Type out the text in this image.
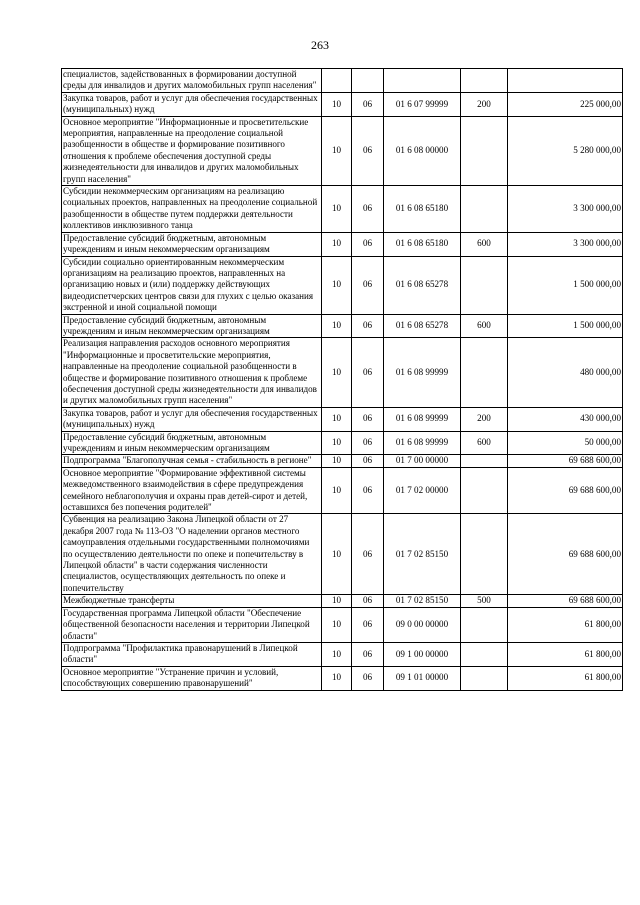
263
специалистов, задействованных в формировании доступной среды для инвалидов и других маломобильных групп населения"					
Закупка товаров, работ и услуг для обеспечения государственных (муниципальных) нужд	10	06	01 6 07 99999	200	225 000,00
Основное мероприятие "Информационные и просветительские мероприятия, направленные на преодоление социальной разобщенности в обществе и формирование позитивного отношения к проблеме обеспечения доступной среды жизнедеятельности для инвалидов и других маломобильных групп населения"	10	06	01 6 08 00000		5 280 000,00
Субсидии некоммерческим организациям на реализацию социальных проектов, направленных на преодоление социальной разобщенности в обществе путем поддержки деятельности коллективов инклюзивного танца	10	06	01 6 08 65180		3 300 000,00
Предоставление субсидий бюджетным, автономным учреждениям и иным некоммерческим организациям	10	06	01 6 08 65180	600	3 300 000,00
Субсидии социально ориентированным некоммерческим организациям на реализацию проектов, направленных на организацию новых и (или) поддержку действующих видеодиспетчерских центров связи для глухих с целью оказания экстренной и иной социальной помощи	10	06	01 6 08 65278		1 500 000,00
Предоставление субсидий бюджетным, автономным учреждениям и иным некоммерческим организациям	10	06	01 6 08 65278	600	1 500 000,00
Реализация направления расходов основного мероприятия "Информационные и просветительские мероприятия, направленные на преодоление социальной разобщенности в обществе и формирование позитивного отношения к проблеме обеспечения доступной среды жизнедеятельности для инвалидов и других маломобильных групп населения"	10	06	01 6 08 99999		480 000,00
Закупка товаров, работ и услуг для обеспечения государственных (муниципальных) нужд	10	06	01 6 08 99999	200	430 000,00
Предоставление субсидий бюджетным, автономным учреждениям и иным некоммерческим организациям	10	06	01 6 08 99999	600	50 000,00
Подпрограмма "Благополучная семья - стабильность в регионе"	10	06	01 7 00 00000		69 688 600,00
Основное мероприятие "Формирование эффективной системы межведомственного взаимодействия в сфере предупреждения семейного неблагополучия и охраны прав детей-сирот и детей, оставшихся без попечения родителей"	10	06	01 7 02 00000		69 688 600,00
Субвенция на реализацию Закона Липецкой области от 27 декабря 2007 года № 113-ОЗ "О наделении органов местного самоуправления отдельными государственными полномочиями по осуществлению деятельности по опеке и попечительству в Липецкой области" в части содержания численности специалистов, осуществляющих деятельность по опеке и попечительству	10	06	01 7 02 85150		69 688 600,00
Межбюджетные трансферты	10	06	01 7 02 85150	500	69 688 600,00
Государственная программа Липецкой области "Обеспечение общественной безопасности населения и территории Липецкой области"	10	06	09 0 00 00000		61 800,00
Подпрограмма "Профилактика правонарушений в Липецкой области"	10	06	09 1 00 00000		61 800,00
Основное мероприятие "Устранение причин и условий, способствующих совершению правонарушений"	10	06	09 1 01 00000		61 800,00
